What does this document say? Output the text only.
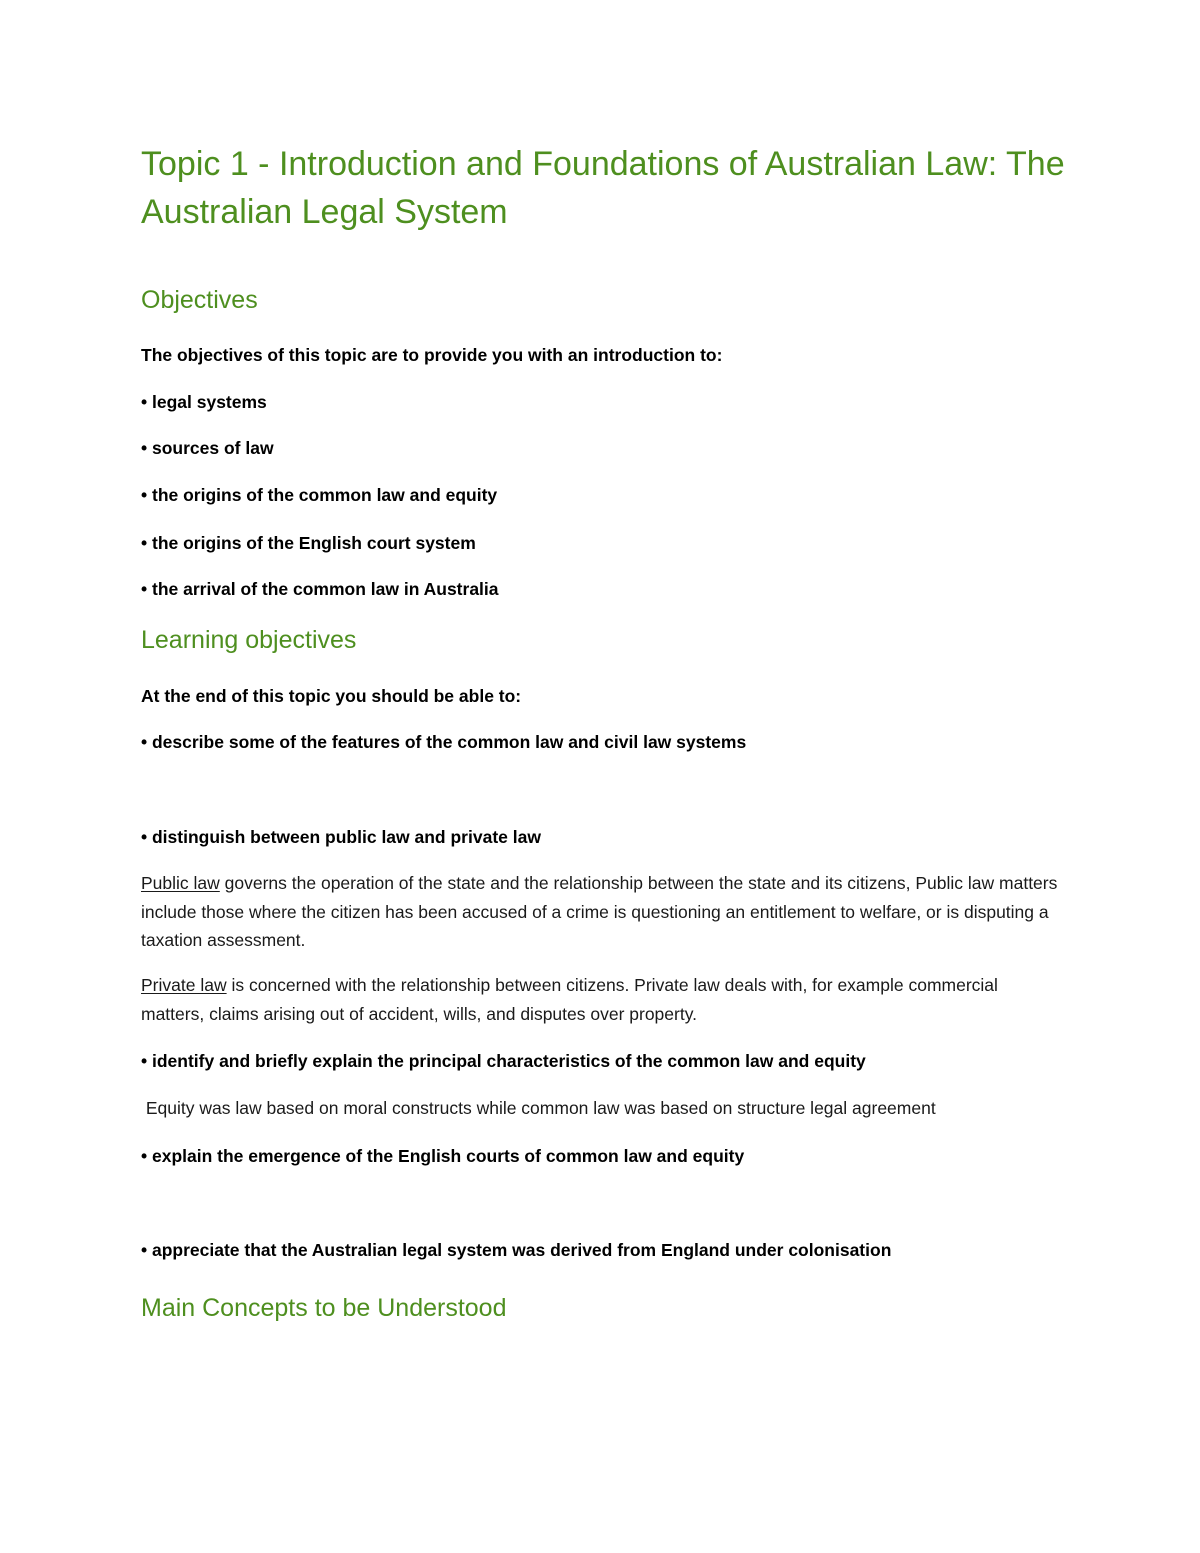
Topic 1 - Introduction and Foundations of Australian Law: The Australian Legal System
Objectives

The objectives of this topic are to provide you with an introduction to:

• legal systems

• sources of law

• the origins of the common law and equity

• the origins of the English court system

• the arrival of the common law in Australia

Learning objectives

At the end of this topic you should be able to:

• describe some of the features of the common law and civil law systems

• distinguish between public law and private law

Public law governs the operation of the state and the relationship between the state and its citizens, Public law matters include those where the citizen has been accused of a crime is questioning an entitlement to welfare, or is disputing a taxation assessment.

Private law is concerned with the relationship between citizens. Private law deals with, for example commercial matters, claims arising out of accident, wills, and disputes over property.

• identify and briefly explain the principal characteristics of the common law and equity

Equity was law based on moral constructs while common law was based on structure legal agreement

• explain the emergence of the English courts of common law and equity

• appreciate that the Australian legal system was derived from England under colonisation

Main Concepts to be Understood
